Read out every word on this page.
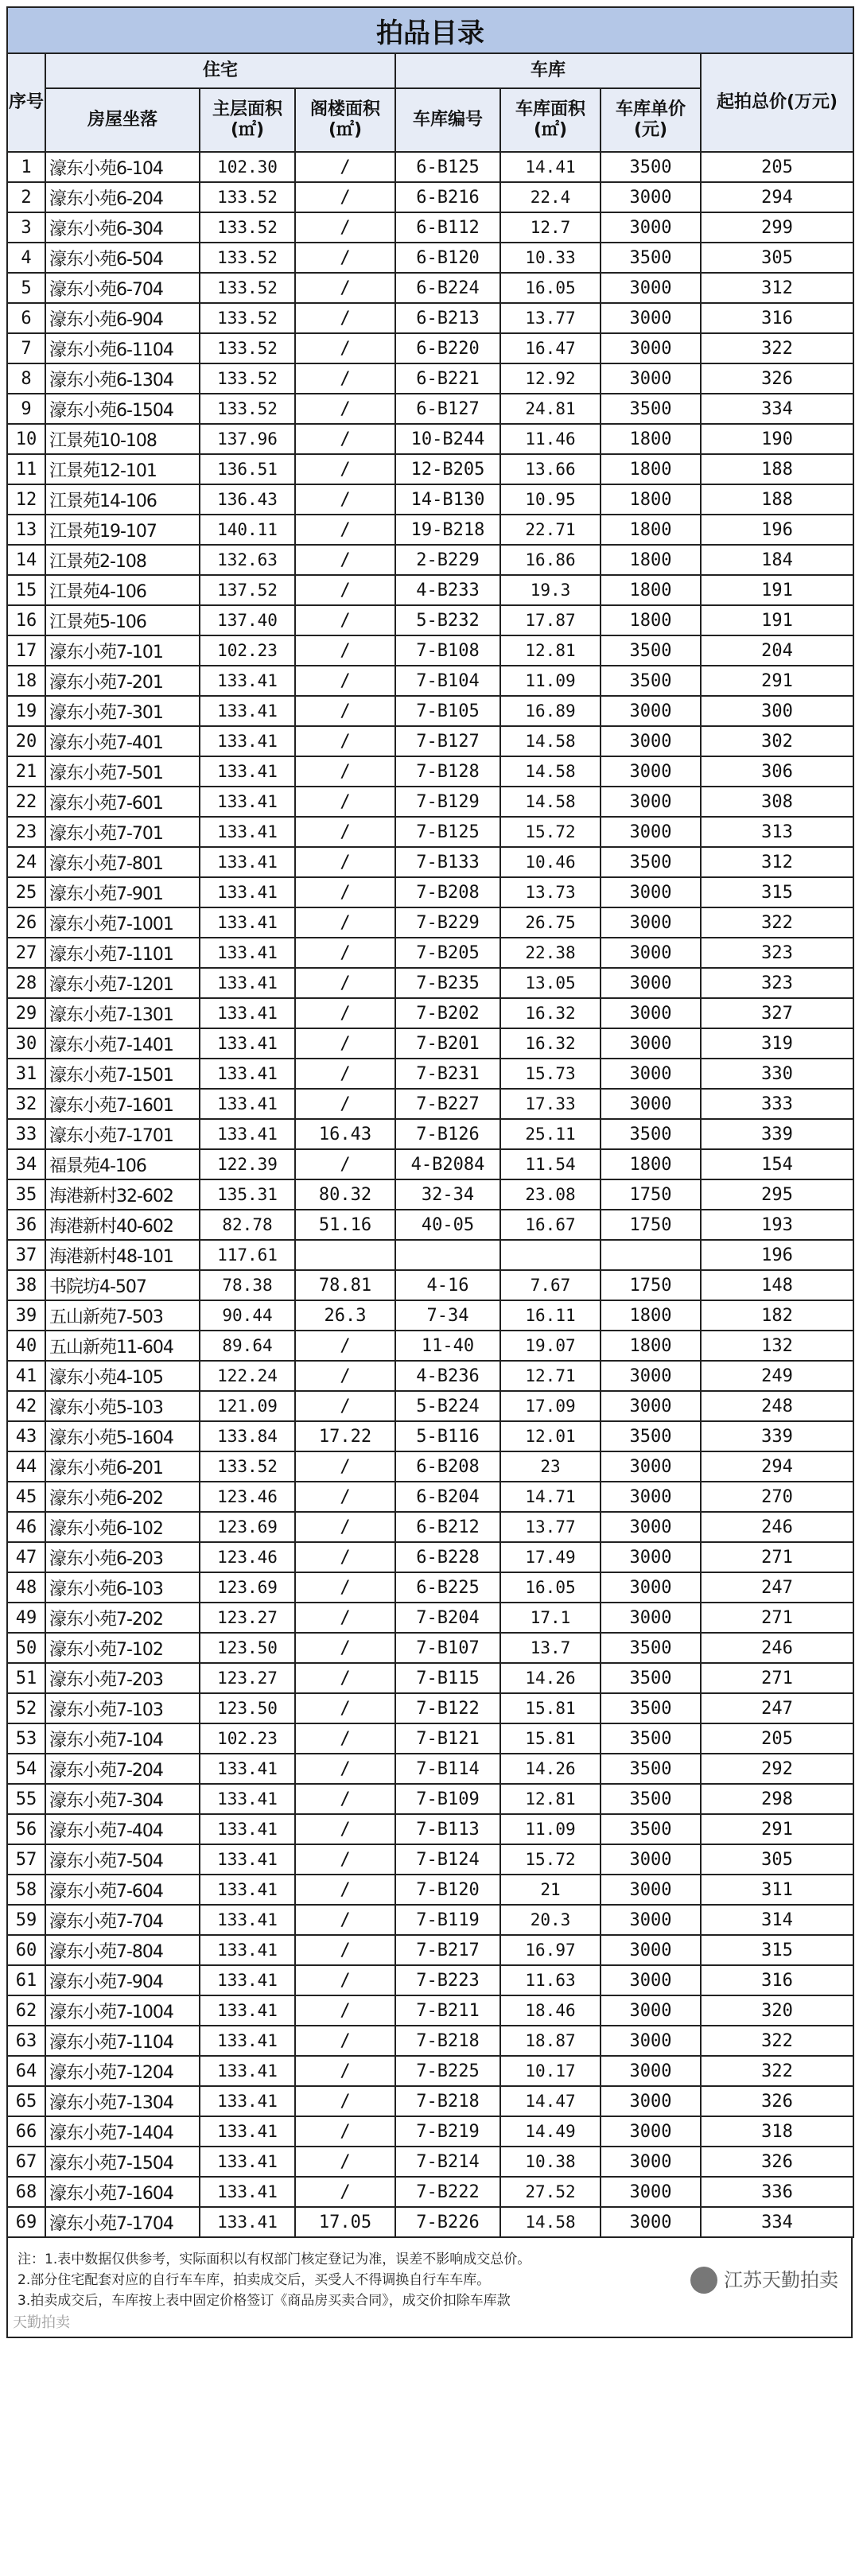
拍品目录							
序号	住宅			车库			起拍总价(万元)
	房屋坐落	主层面积(㎡)	阁楼面积(㎡)	车库编号	车库面积(㎡)	车库单价(元)	
1	濠东小苑6-104	102.30	/	6-B125	14.41	3500	205
2	濠东小苑6-204	133.52	/	6-B216	22.4	3000	294
3	濠东小苑6-304	133.52	/	6-B112	12.7	3000	299
4	濠东小苑6-504	133.52	/	6-B120	10.33	3500	305
5	濠东小苑6-704	133.52	/	6-B224	16.05	3000	312
6	濠东小苑6-904	133.52	/	6-B213	13.77	3000	316
7	濠东小苑6-1104	133.52	/	6-B220	16.47	3000	322
8	濠东小苑6-1304	133.52	/	6-B221	12.92	3000	326
9	濠东小苑6-1504	133.52	/	6-B127	24.81	3500	334
10	江景苑10-108	137.96	/	10-B244	11.46	1800	190
11	江景苑12-101	136.51	/	12-B205	13.66	1800	188
12	江景苑14-106	136.43	/	14-B130	10.95	1800	188
13	江景苑19-107	140.11	/	19-B218	22.71	1800	196
14	江景苑2-108	132.63	/	2-B229	16.86	1800	184
15	江景苑4-106	137.52	/	4-B233	19.3	1800	191
16	江景苑5-106	137.40	/	5-B232	17.87	1800	191
17	濠东小苑7-101	102.23	/	7-B108	12.81	3500	204
18	濠东小苑7-201	133.41	/	7-B104	11.09	3500	291
19	濠东小苑7-301	133.41	/	7-B105	16.89	3000	300
20	濠东小苑7-401	133.41	/	7-B127	14.58	3000	302
21	濠东小苑7-501	133.41	/	7-B128	14.58	3000	306
22	濠东小苑7-601	133.41	/	7-B129	14.58	3000	308
23	濠东小苑7-701	133.41	/	7-B125	15.72	3000	313
24	濠东小苑7-801	133.41	/	7-B133	10.46	3500	312
25	濠东小苑7-901	133.41	/	7-B208	13.73	3000	315
26	濠东小苑7-1001	133.41	/	7-B229	26.75	3000	322
27	濠东小苑7-1101	133.41	/	7-B205	22.38	3000	323
28	濠东小苑7-1201	133.41	/	7-B235	13.05	3000	323
29	濠东小苑7-1301	133.41	/	7-B202	16.32	3000	327
30	濠东小苑7-1401	133.41	/	7-B201	16.32	3000	319
31	濠东小苑7-1501	133.41	/	7-B231	15.73	3000	330
32	濠东小苑7-1601	133.41	/	7-B227	17.33	3000	333
33	濠东小苑7-1701	133.41	16.43	7-B126	25.11	3500	339
34	福景苑4-106	122.39	/	4-B2084	11.54	1800	154
35	海港新村32-602	135.31	80.32	32-34	23.08	1750	295
36	海港新村40-602	82.78	51.16	40-05	16.67	1750	193
37	海港新村48-101	117.61					196
38	书院坊4-507	78.38	78.81	4-16	7.67	1750	148
39	五山新苑7-503	90.44	26.3	7-34	16.11	1800	182
40	五山新苑11-604	89.64	/	11-40	19.07	1800	132
41	濠东小苑4-105	122.24	/	4-B236	12.71	3000	249
42	濠东小苑5-103	121.09	/	5-B224	17.09	3000	248
43	濠东小苑5-1604	133.84	17.22	5-B116	12.01	3500	339
44	濠东小苑6-201	133.52	/	6-B208	23	3000	294
45	濠东小苑6-202	123.46	/	6-B204	14.71	3000	270
46	濠东小苑6-102	123.69	/	6-B212	13.77	3000	246
47	濠东小苑6-203	123.46	/	6-B228	17.49	3000	271
48	濠东小苑6-103	123.69	/	6-B225	16.05	3000	247
49	濠东小苑7-202	123.27	/	7-B204	17.1	3000	271
50	濠东小苑7-102	123.50	/	7-B107	13.7	3500	246
51	濠东小苑7-203	123.27	/	7-B115	14.26	3500	271
52	濠东小苑7-103	123.50	/	7-B122	15.81	3500	247
53	濠东小苑7-104	102.23	/	7-B121	15.81	3500	205
54	濠东小苑7-204	133.41	/	7-B114	14.26	3500	292
55	濠东小苑7-304	133.41	/	7-B109	12.81	3500	298
56	濠东小苑7-404	133.41	/	7-B113	11.09	3500	291
57	濠东小苑7-504	133.41	/	7-B124	15.72	3000	305
58	濠东小苑7-604	133.41	/	7-B120	21	3000	311
59	濠东小苑7-704	133.41	/	7-B119	20.3	3000	314
60	濠东小苑7-804	133.41	/	7-B217	16.97	3000	315
61	濠东小苑7-904	133.41	/	7-B223	11.63	3000	316
62	濠东小苑7-1004	133.41	/	7-B211	18.46	3000	320
63	濠东小苑7-1104	133.41	/	7-B218	18.87	3000	322
64	濠东小苑7-1204	133.41	/	7-B225	10.17	3000	322
65	濠东小苑7-1304	133.41	/	7-B218	14.47	3000	326
66	濠东小苑7-1404	133.41	/	7-B219	14.49	3000	318
67	濠东小苑7-1504	133.41	/	7-B214	10.38	3000	326
68	濠东小苑7-1604	133.41	/	7-B222	27.52	3000	336
69	濠东小苑7-1704	133.41	17.05	7-B226	14.58	3000	334
注：1.表中数据仅供参考，实际面积以有权部门核定登记为准，误差不影响成交总价。
2.部分住宅配套对应的自行车车库，拍卖成交后，买受人不得调换自行车车库。
3.拍卖成交后，车库按上表中固定价格签订《商品房买卖合同》，成交价扣除车库款
江苏天勤拍卖
天勤拍卖
